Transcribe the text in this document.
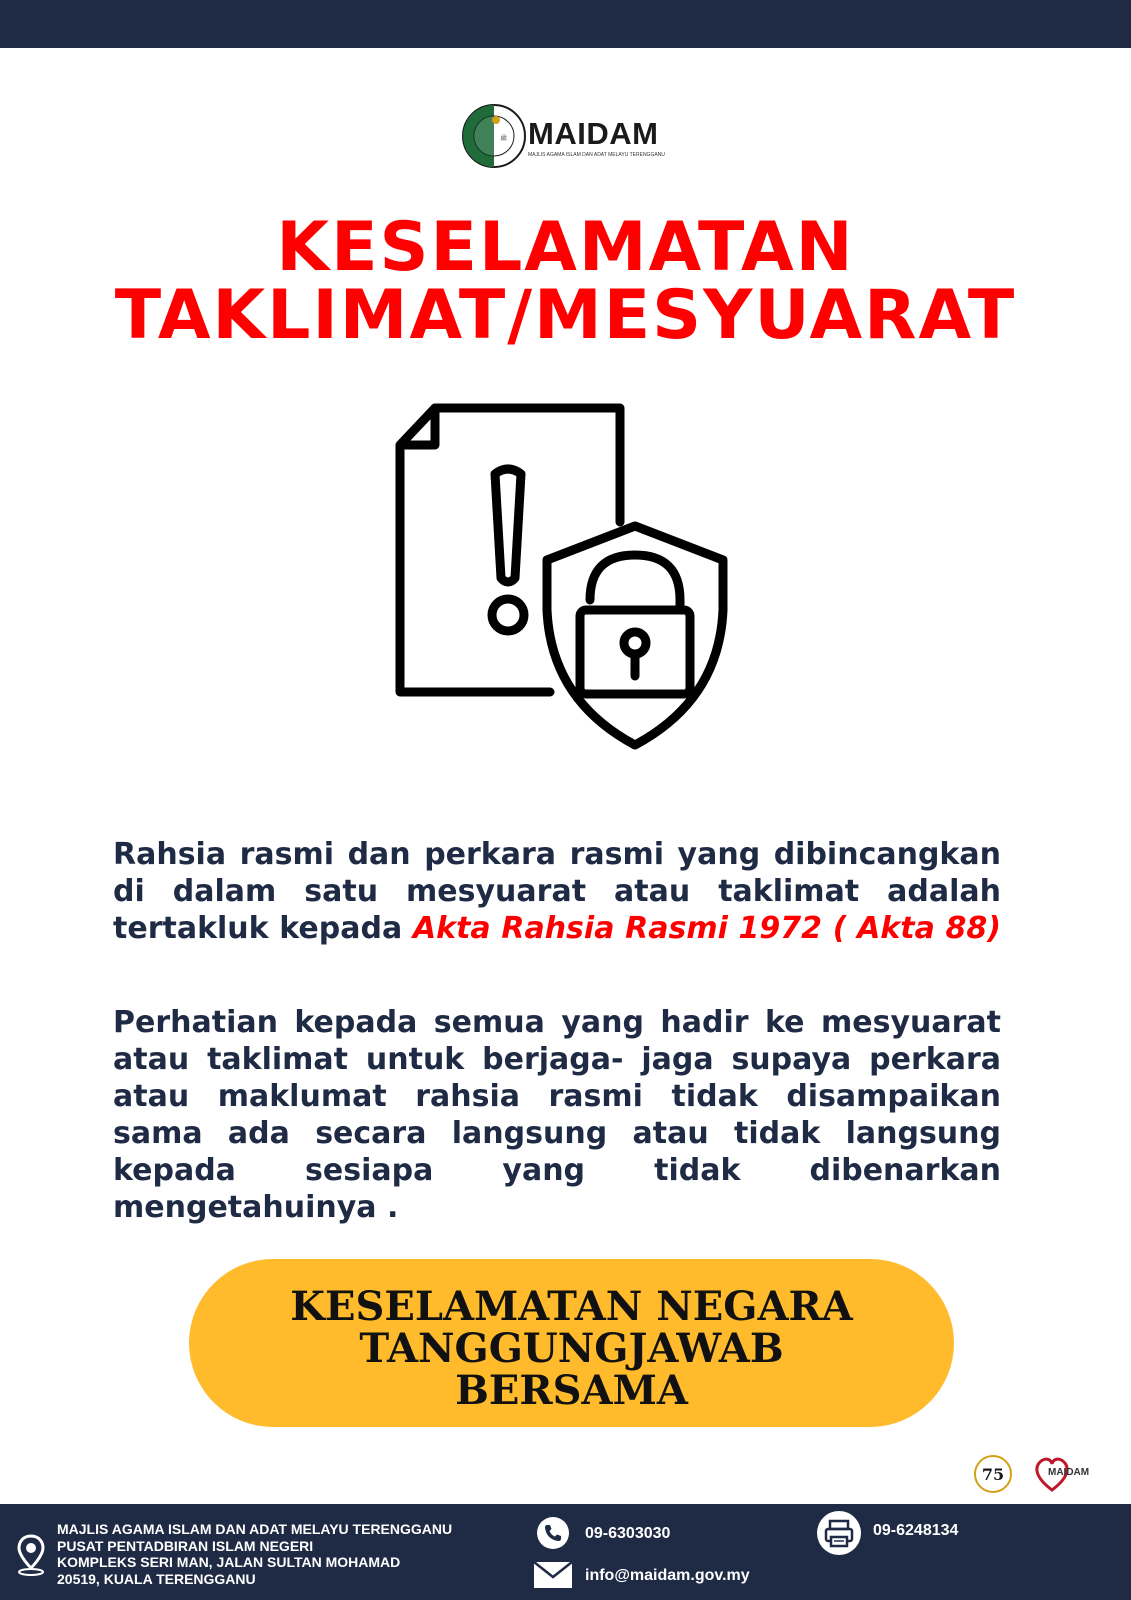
ﷺ MAIDAM
MAJLIS AGAMA ISLAM DAN ADAT MELAYU TERENGGANU
KESELAMATAN
TAKLIMAT/MESYUARAT
Rahsia rasmi dan perkara rasmi yang dibincangkan
di dalam satu mesyuarat atau taklimat adalah
tertakluk kepada Akta Rahsia Rasmi 1972 ( Akta 88)
Perhatian kepada semua yang hadir ke mesyuarat atau taklimat untuk berjaga- jaga supaya perkara atau maklumat rahsia rasmi tidak disampaikan sama ada secara langsung atau tidak langsung kepada sesiapa yang tidak dibenarkan mengetahuinya .
KESELAMATAN NEGARA
TANGGUNGJAWAB
BERSAMA
75	MAIDAM
MAJLIS AGAMA ISLAM DAN ADAT MELAYU TERENGGANU
PUSAT PENTADBIRAN ISLAM NEGERI
KOMPLEKS SERI MAN, JALAN SULTAN MOHAMAD
20519, KUALA TERENGGANU
09-6303030	09-6248134
info@maidam.gov.my
